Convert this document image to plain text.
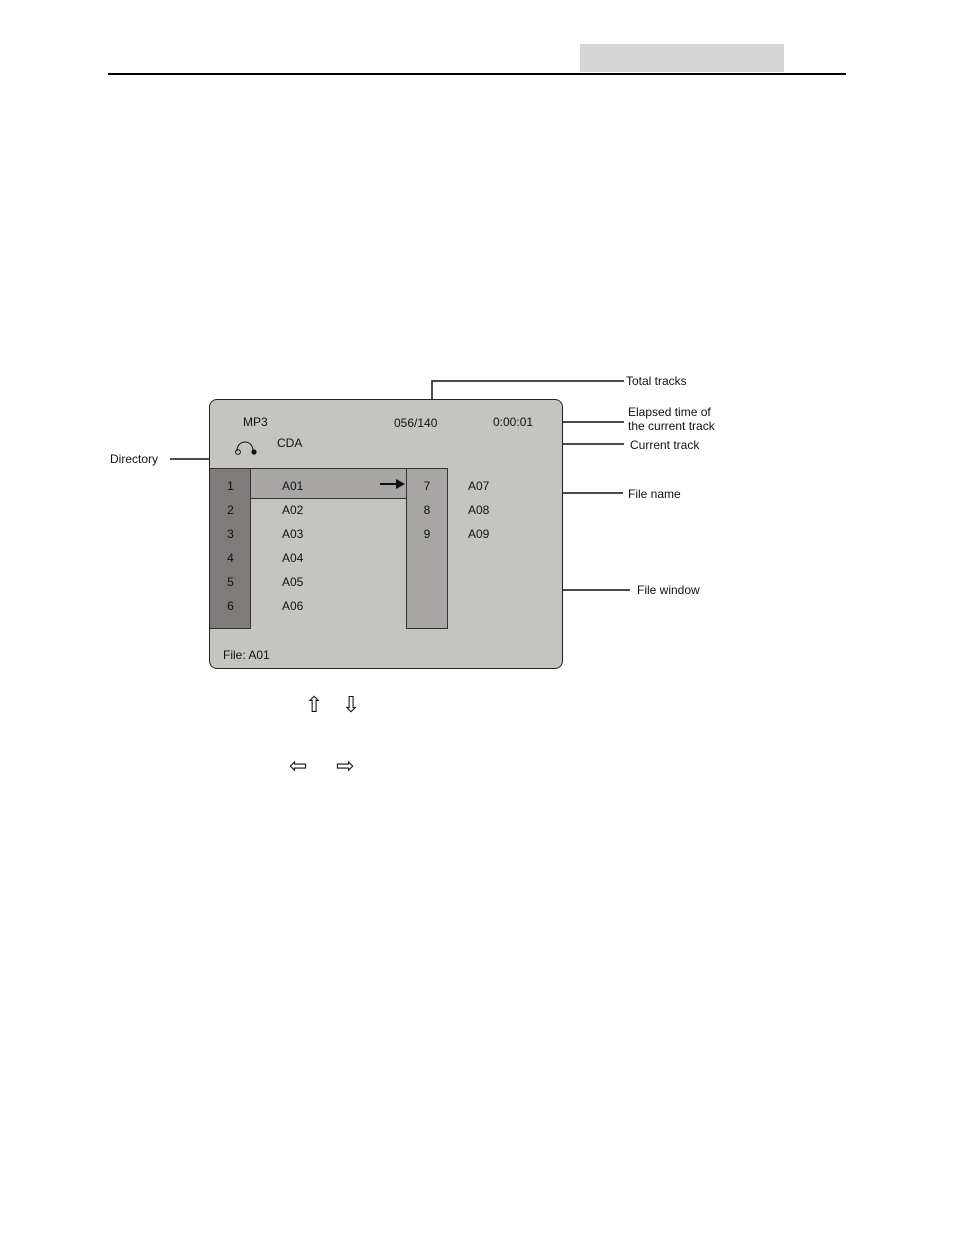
MP3	056/140	0:00:01
CDA
1	A01
2	A02
3	A03
4	A04
5	A05
6	A06
7	A07
8	A08
9	A09
File: A01
Total tracks
Elapsed time of
the current track
Current track
Directory
File name
File window
⇧ ⇩
⇦ ⇨
